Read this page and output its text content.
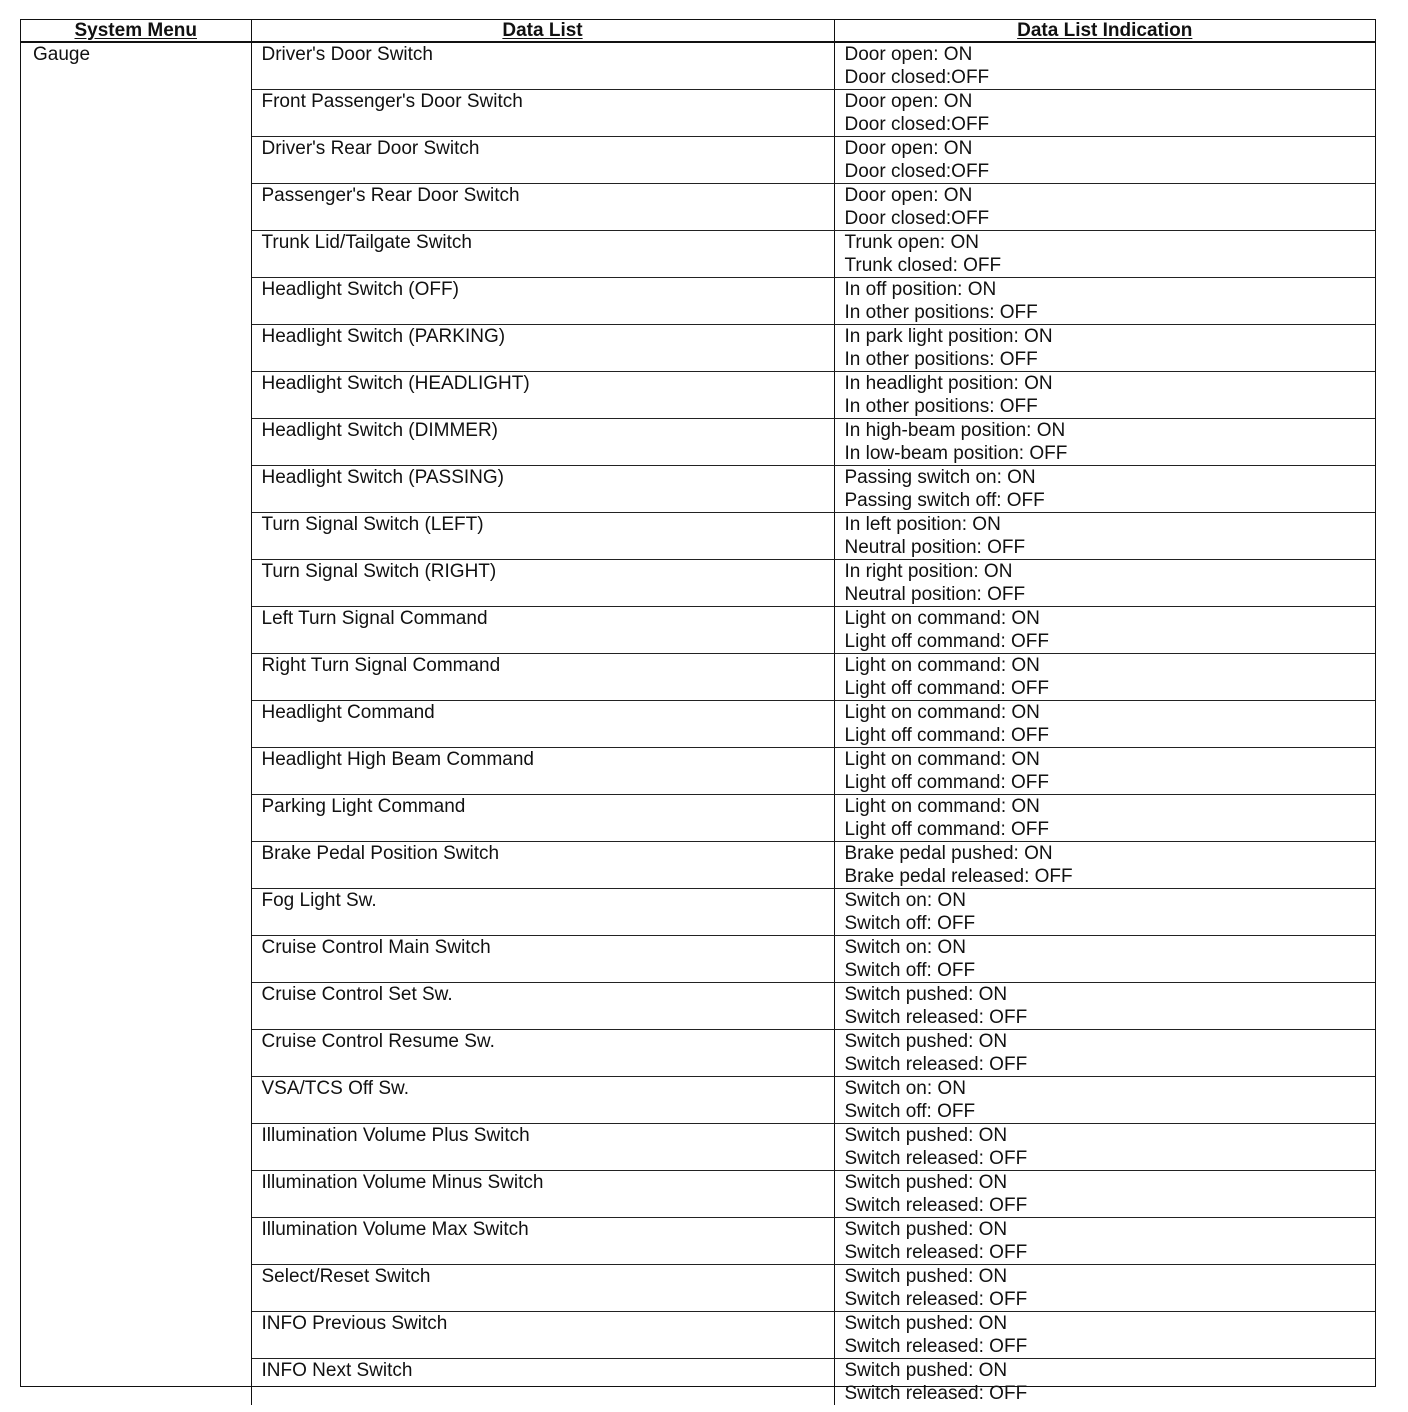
System Menu	Data List	Data List Indication
Gauge	Driver's Door Switch	Door open: ON
Door closed:OFF

	Front Passenger's Door Switch	Door open: ON
Door closed:OFF

	Driver's Rear Door Switch	Door open: ON
Door closed:OFF

	Passenger's Rear Door Switch	Door open: ON
Door closed:OFF

	Trunk Lid/Tailgate Switch	Trunk open: ON
Trunk closed: OFF

	Headlight Switch (OFF)	In off position: ON
In other positions: OFF

	Headlight Switch (PARKING)	In park light position: ON
In other positions: OFF

	Headlight Switch (HEADLIGHT)	In headlight position: ON
In other positions: OFF

	Headlight Switch (DIMMER)	In high-beam position: ON
In low-beam position: OFF

	Headlight Switch (PASSING)	Passing switch on: ON
Passing switch off: OFF

	Turn Signal Switch (LEFT)	In left position: ON
Neutral position: OFF

	Turn Signal Switch (RIGHT)	In right position: ON
Neutral position: OFF

	Left Turn Signal Command	Light on command: ON
Light off command: OFF

	Right Turn Signal Command	Light on command: ON
Light off command: OFF

	Headlight Command	Light on command: ON
Light off command: OFF

	Headlight High Beam Command	Light on command: ON
Light off command: OFF

	Parking Light Command	Light on command: ON
Light off command: OFF

	Brake Pedal Position Switch	Brake pedal pushed: ON
Brake pedal released: OFF

	Fog Light Sw.	Switch on: ON
Switch off: OFF

	Cruise Control Main Switch	Switch on: ON
Switch off: OFF

	Cruise Control Set Sw.	Switch pushed: ON
Switch released: OFF

	Cruise Control Resume Sw.	Switch pushed: ON
Switch released: OFF

	VSA/TCS Off Sw.	Switch on: ON
Switch off: OFF

	Illumination Volume Plus Switch	Switch pushed: ON
Switch released: OFF

	Illumination Volume Minus Switch	Switch pushed: ON
Switch released: OFF

	Illumination Volume Max Switch	Switch pushed: ON
Switch released: OFF

	Select/Reset Switch	Switch pushed: ON
Switch released: OFF

	INFO Previous Switch	Switch pushed: ON
Switch released: OFF

	INFO Next Switch	Switch pushed: ON
Switch released: OFF
